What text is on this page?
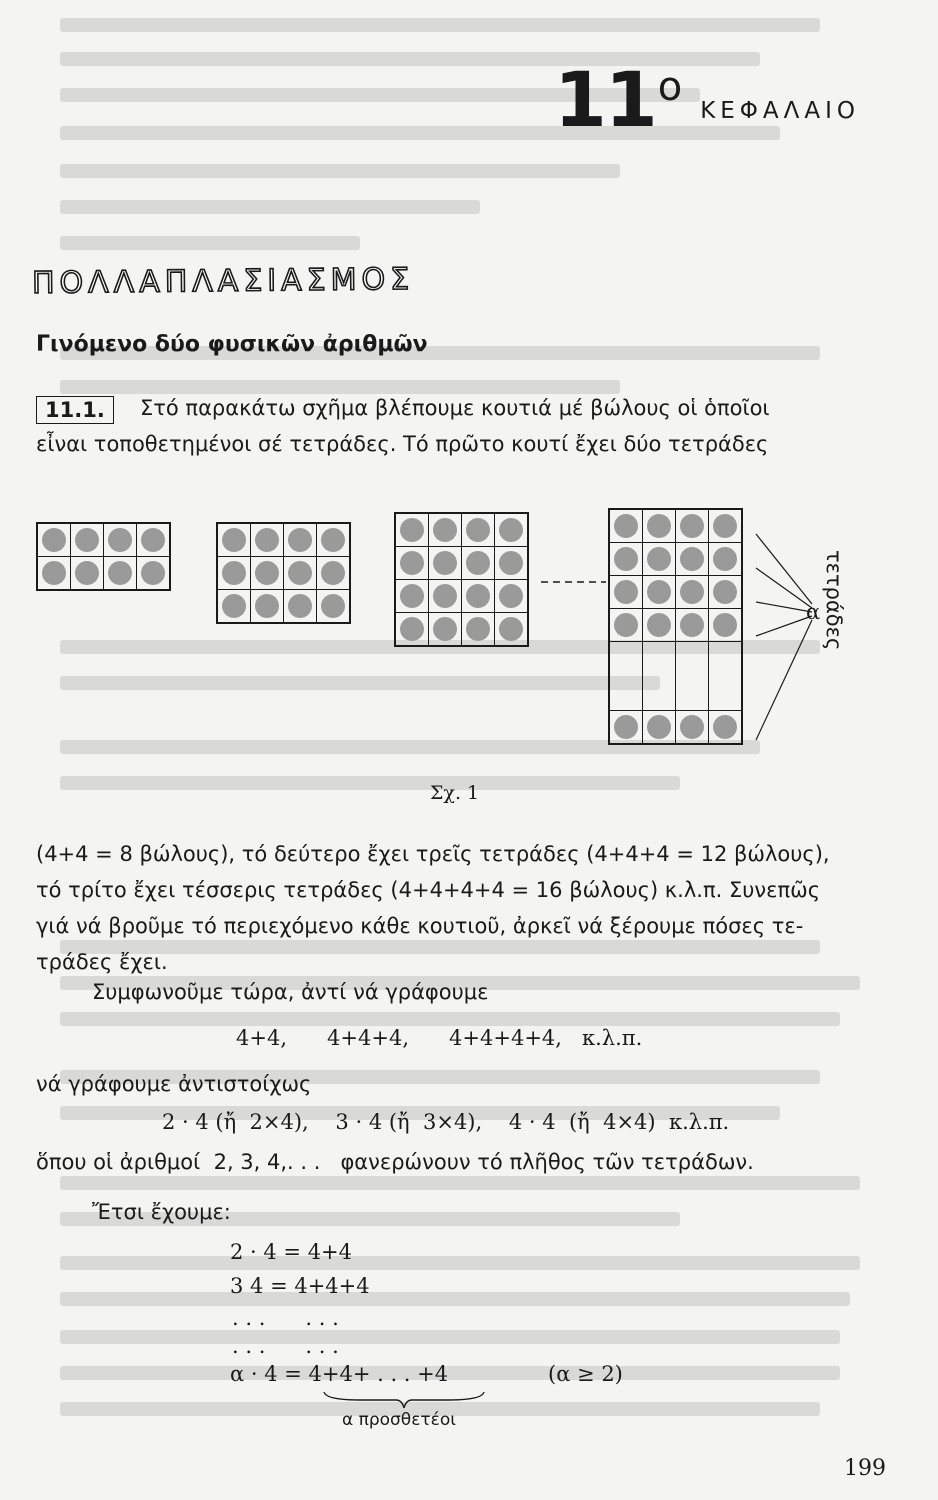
11 ο
ΚΕΦΑΛΑΙΟ
ΠΟΛΛΑΠΛΑΣΙΑΣΜΟΣ
Γινόμενο δύο φυσικῶν ἀριθμῶν
11.1.	Στό παρακάτω σχῆμα βλέπουμε κουτιά μέ βώλους οἱ ὁποῖοι
εἶναι τοποθετημένοι σέ τετράδες. Τό πρῶτο κουτί ἔχει δύο τετράδες

α τετράδες
Σχ. 1
(4+4 = 8 βώλους), τό δεύτερο ἔχει τρεῖς τετράδες (4+4+4 = 12 βώλους),
τό τρίτο ἔχει τέσσερις τετράδες (4+4+4+4 = 16 βώλους) κ.λ.π. Συνεπῶς
γιά νά βροῦμε τό περιεχόμενο κάθε κουτιοῦ, ἀρκεῖ νά ξέρουμε πόσες τε-
τράδες ἔχει.
Συμφωνοῦμε τώρα, ἀντί νά γράφουμε
4+4,      4+4+4,      4+4+4+4,   κ.λ.π.
νά γράφουμε ἀντιστοίχως
2 · 4 (ἤ  2×4),    3 · 4 (ἤ  3×4),    4 · 4  (ἤ  4×4)  κ.λ.π.
ὅπου οἱ ἀριθμοί  2, 3, 4,. . .   φανερώνουν τό πλῆθος τῶν τετράδων.
Ἔτσι ἔχουμε:
2 · 4 = 4+4
3 4 = 4+4+4
. . .      . . .
. . .      . . .
α · 4 = 4+4+ . . . +4	(α ≥ 2)
α προσθετέοι
199
